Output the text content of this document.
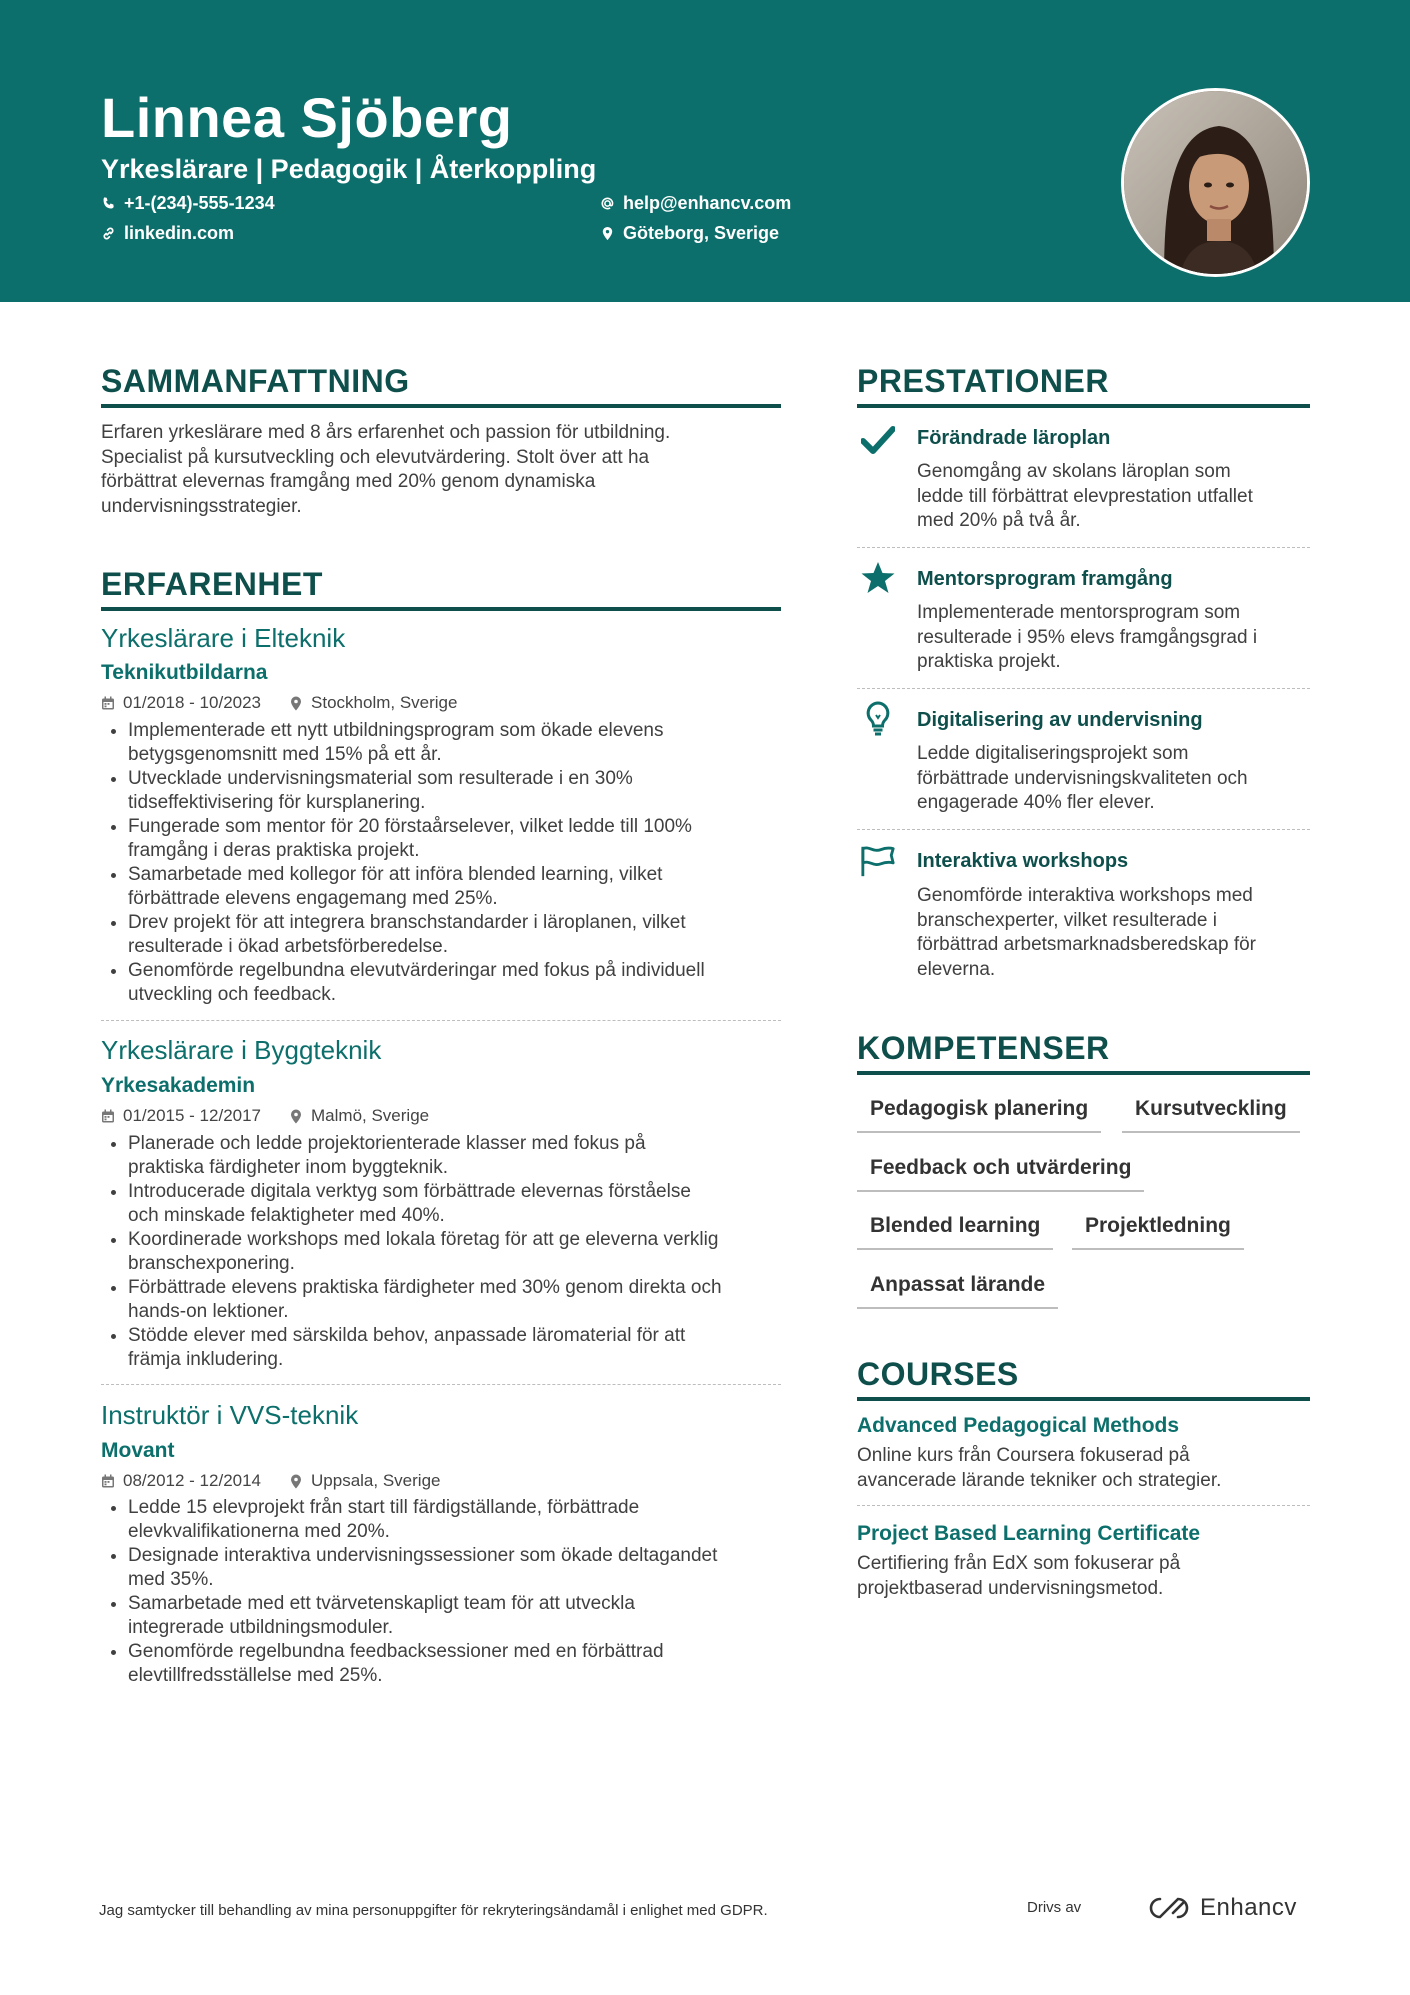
Linnea Sjöberg
Yrkeslärare | Pedagogik | Återkoppling
+1-(234)-555-1234
linkedin.com
help@enhancv.com
Göteborg, Sverige
SAMMANFATTNING
Erfaren yrkeslärare med 8 års erfarenhet och passion för utbildning.
Specialist på kursutveckling och elevutvärdering. Stolt över att ha
förbättrat elevernas framgång med 20% genom dynamiska
undervisningsstrategier.
ERFARENHET
Yrkeslärare i Elteknik
Teknikutbildarna
01/2018 - 10/2023	Stockholm, Sverige
• Implementerade ett nytt utbildningsprogram som ökade elevens
betygsgenomsnitt med 15% på ett år.
• Utvecklade undervisningsmaterial som resulterade i en 30%
tidseffektivisering för kursplanering.
• Fungerade som mentor för 20 förstaårselever, vilket ledde till 100%
framgång i deras praktiska projekt.
• Samarbetade med kollegor för att införa blended learning, vilket
förbättrade elevens engagemang med 25%.
• Drev projekt för att integrera branschstandarder i läroplanen, vilket
resulterade i ökad arbetsförberedelse.
• Genomförde regelbundna elevutvärderingar med fokus på individuell
utveckling och feedback.
Yrkeslärare i Byggteknik
Yrkesakademin
01/2015 - 12/2017	Malmö, Sverige
• Planerade och ledde projektorienterade klasser med fokus på
praktiska färdigheter inom byggteknik.
• Introducerade digitala verktyg som förbättrade elevernas förståelse
och minskade felaktigheter med 40%.
• Koordinerade workshops med lokala företag för att ge eleverna verklig
branschexponering.
• Förbättrade elevens praktiska färdigheter med 30% genom direkta och
hands-on lektioner.
• Stödde elever med särskilda behov, anpassade läromaterial för att
främja inkludering.
Instruktör i VVS-teknik
Movant
08/2012 - 12/2014	Uppsala, Sverige
• Ledde 15 elevprojekt från start till färdigställande, förbättrade
elevkvalifikationerna med 20%.
• Designade interaktiva undervisningssessioner som ökade deltagandet
med 35%.
• Samarbetade med ett tvärvetenskapligt team för att utveckla
integrerade utbildningsmoduler.
• Genomförde regelbundna feedbacksessioner med en förbättrad
elevtillfredsställelse med 25%.
PRESTATIONER
Förändrade läroplan
Genomgång av skolans läroplan som
ledde till förbättrat elevprestation utfallet
med 20% på två år.
Mentorsprogram framgång
Implementerade mentorsprogram som
resulterade i 95% elevs framgångsgrad i
praktiska projekt.
Digitalisering av undervisning
Ledde digitaliseringsprojekt som
förbättrade undervisningskvaliteten och
engagerade 40% fler elever.
Interaktiva workshops
Genomförde interaktiva workshops med
branschexperter, vilket resulterade i
förbättrad arbetsmarknadsberedskap för
eleverna.
KOMPETENSER
Pedagogisk planering	Kursutveckling
Feedback och utvärdering
Blended learning	Projektledning
Anpassat lärande
COURSES
Advanced Pedagogical Methods
Online kurs från Coursera fokuserad på
avancerade lärande tekniker och strategier.
Project Based Learning Certificate
Certifiering från EdX som fokuserar på
projektbaserad undervisningsmetod.
Jag samtycker till behandling av mina personuppgifter för rekryteringsändamål i enlighet med GDPR.	Drivs av	Enhancv
